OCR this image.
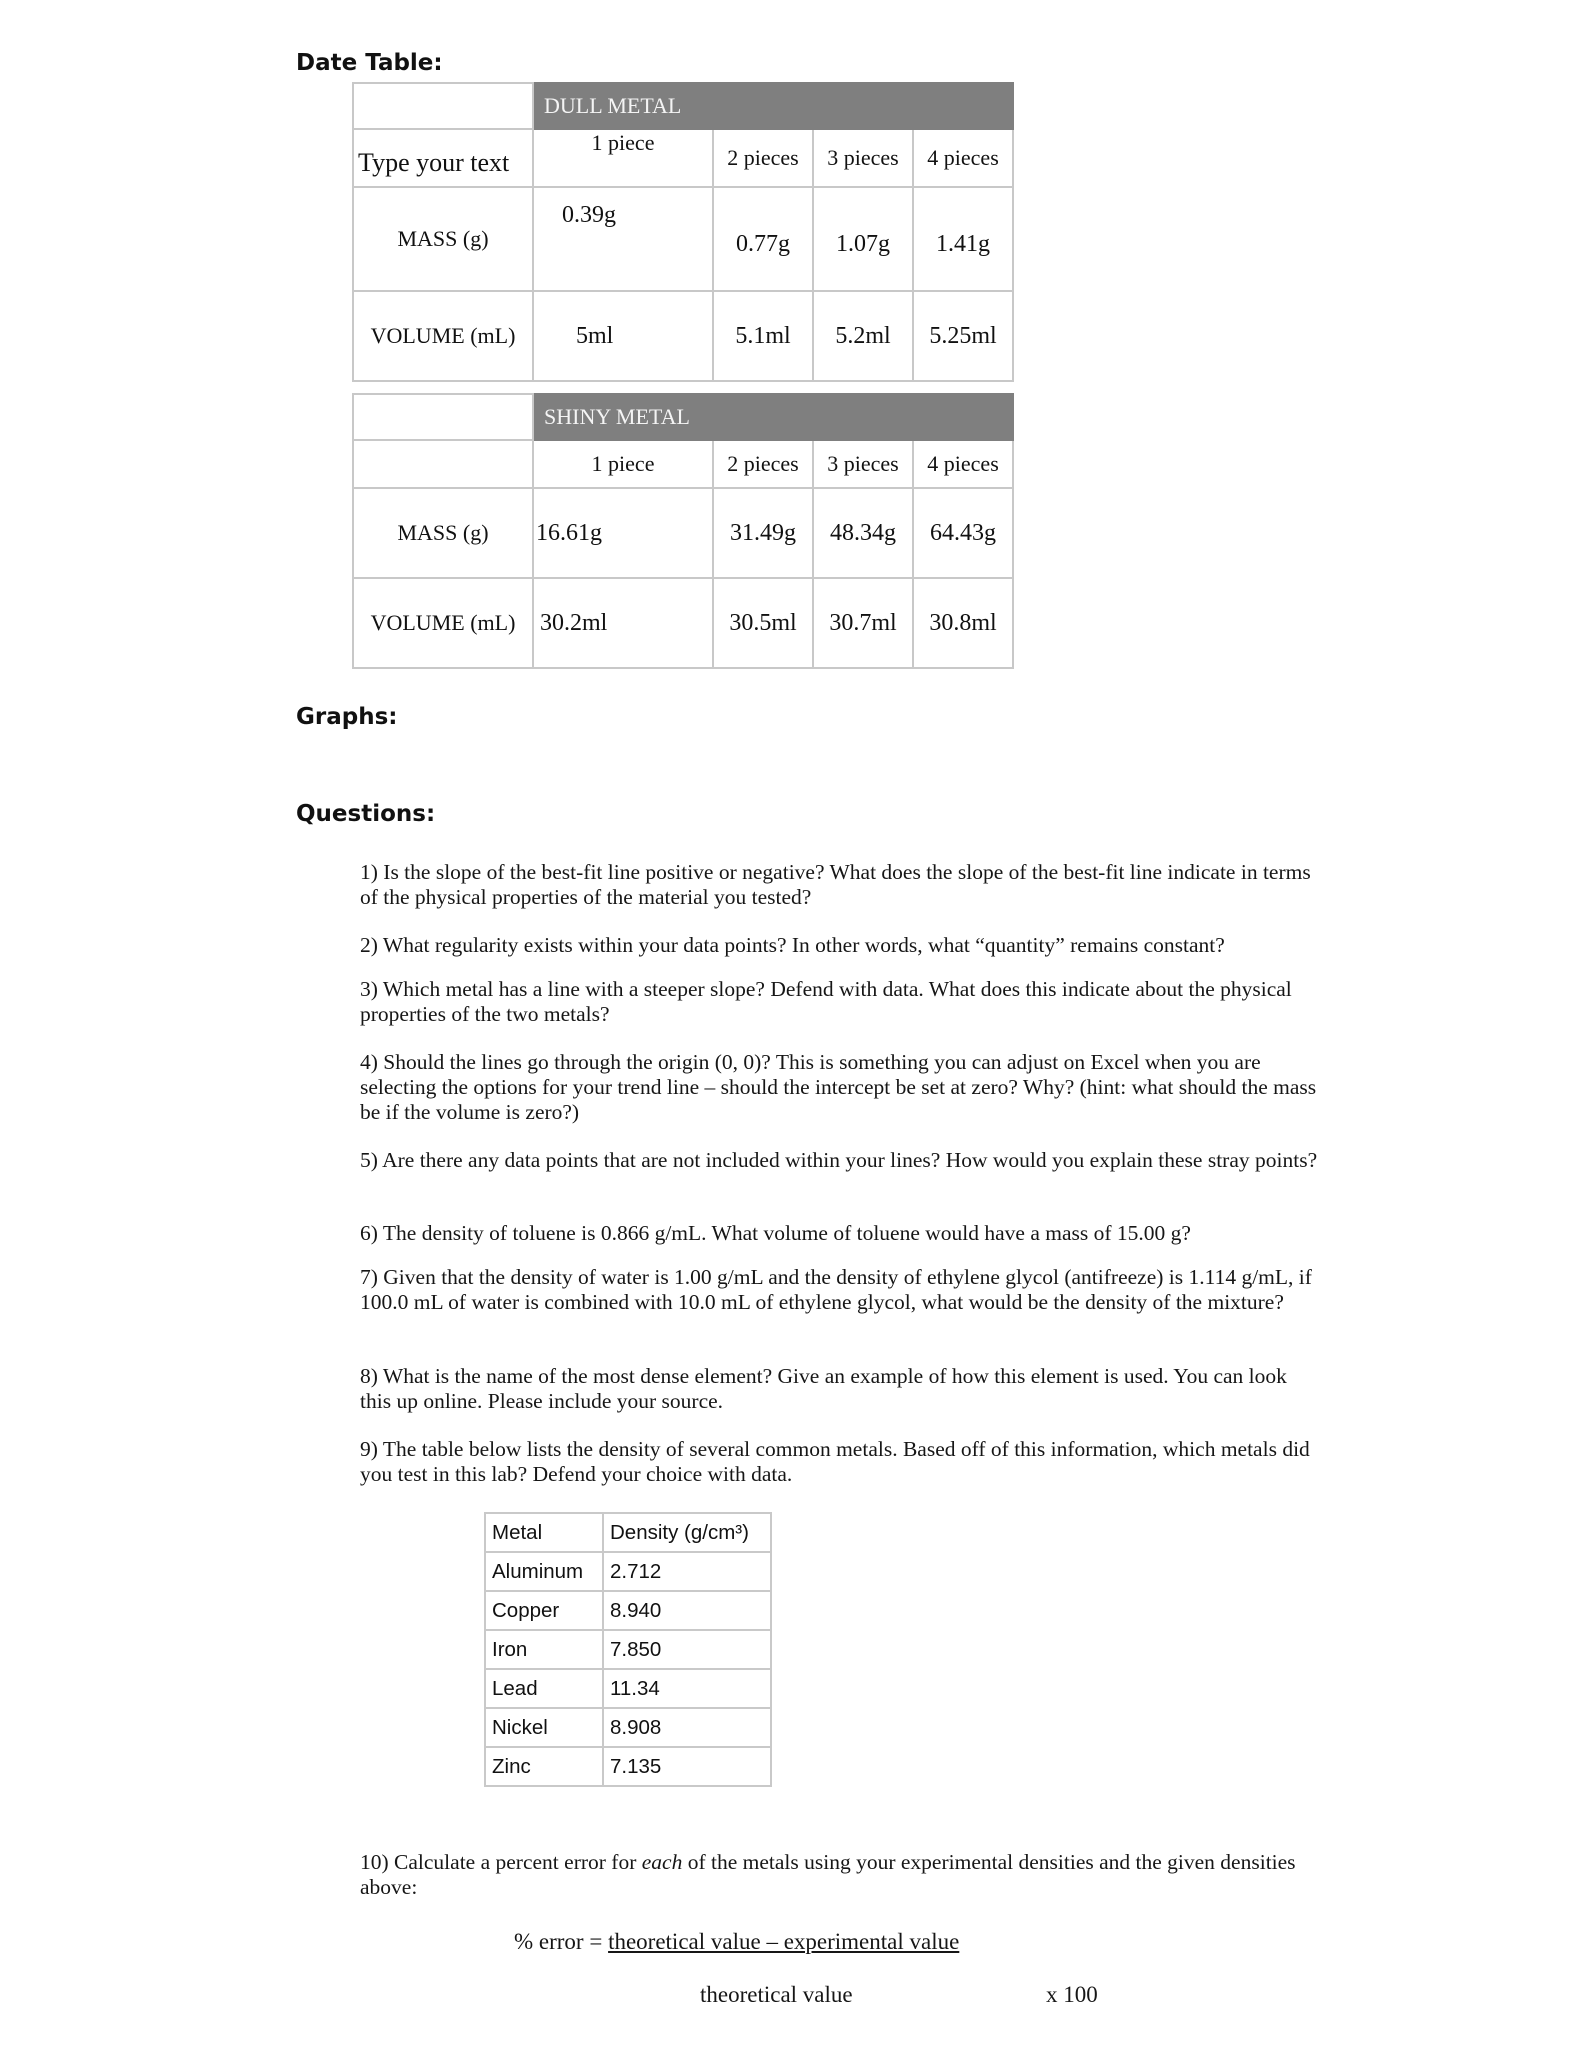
Date Table:
	DULL METAL			
Type your text	1 piece	2 pieces	3 pieces	4 pieces
MASS (g)	0.39g	0.77g	1.07g	1.41g
VOLUME (mL)	5ml	5.1ml	5.2ml	5.25ml
	SHINY METAL			
	1 piece	2 pieces	3 pieces	4 pieces
MASS (g)	16.61g	31.49g	48.34g	64.43g
VOLUME (mL)	30.2ml	30.5ml	30.7ml	30.8ml
Graphs:
Questions:
1) Is the slope of the best-fit line positive or negative? What does the slope of the best-fit line indicate in terms of the physical properties of the material you tested?
2) What regularity exists within your data points? In other words, what “quantity” remains constant?
3) Which metal has a line with a steeper slope? Defend with data. What does this indicate about the physical properties of the two metals?
4) Should the lines go through the origin (0, 0)? This is something you can adjust on Excel when you are selecting the options for your trend line – should the intercept be set at zero? Why? (hint: what should the mass be if the volume is zero?)
5) Are there any data points that are not included within your lines? How would you explain these stray points?
6) The density of toluene is 0.866 g/mL. What volume of toluene would have a mass of 15.00 g?
7) Given that the density of water is 1.00 g/mL and the density of ethylene glycol (antifreeze) is 1.114 g/mL, if 100.0 mL of water is combined with 10.0 mL of ethylene glycol, what would be the density of the mixture?
8) What is the name of the most dense element? Give an example of how this element is used. You can look this up online. Please include your source.
9) The table below lists the density of several common metals. Based off of this information, which metals did you test in this lab? Defend your choice with data.
Metal	Density (g/cm³)
Aluminum	2.712
Copper	8.940
Iron	7.850
Lead	11.34
Nickel	8.908
Zinc	7.135
10) Calculate a percent error for each of the metals using your experimental densities and the given densities above:
% error = theoretical value – experimental value
theoretical value	x 100
